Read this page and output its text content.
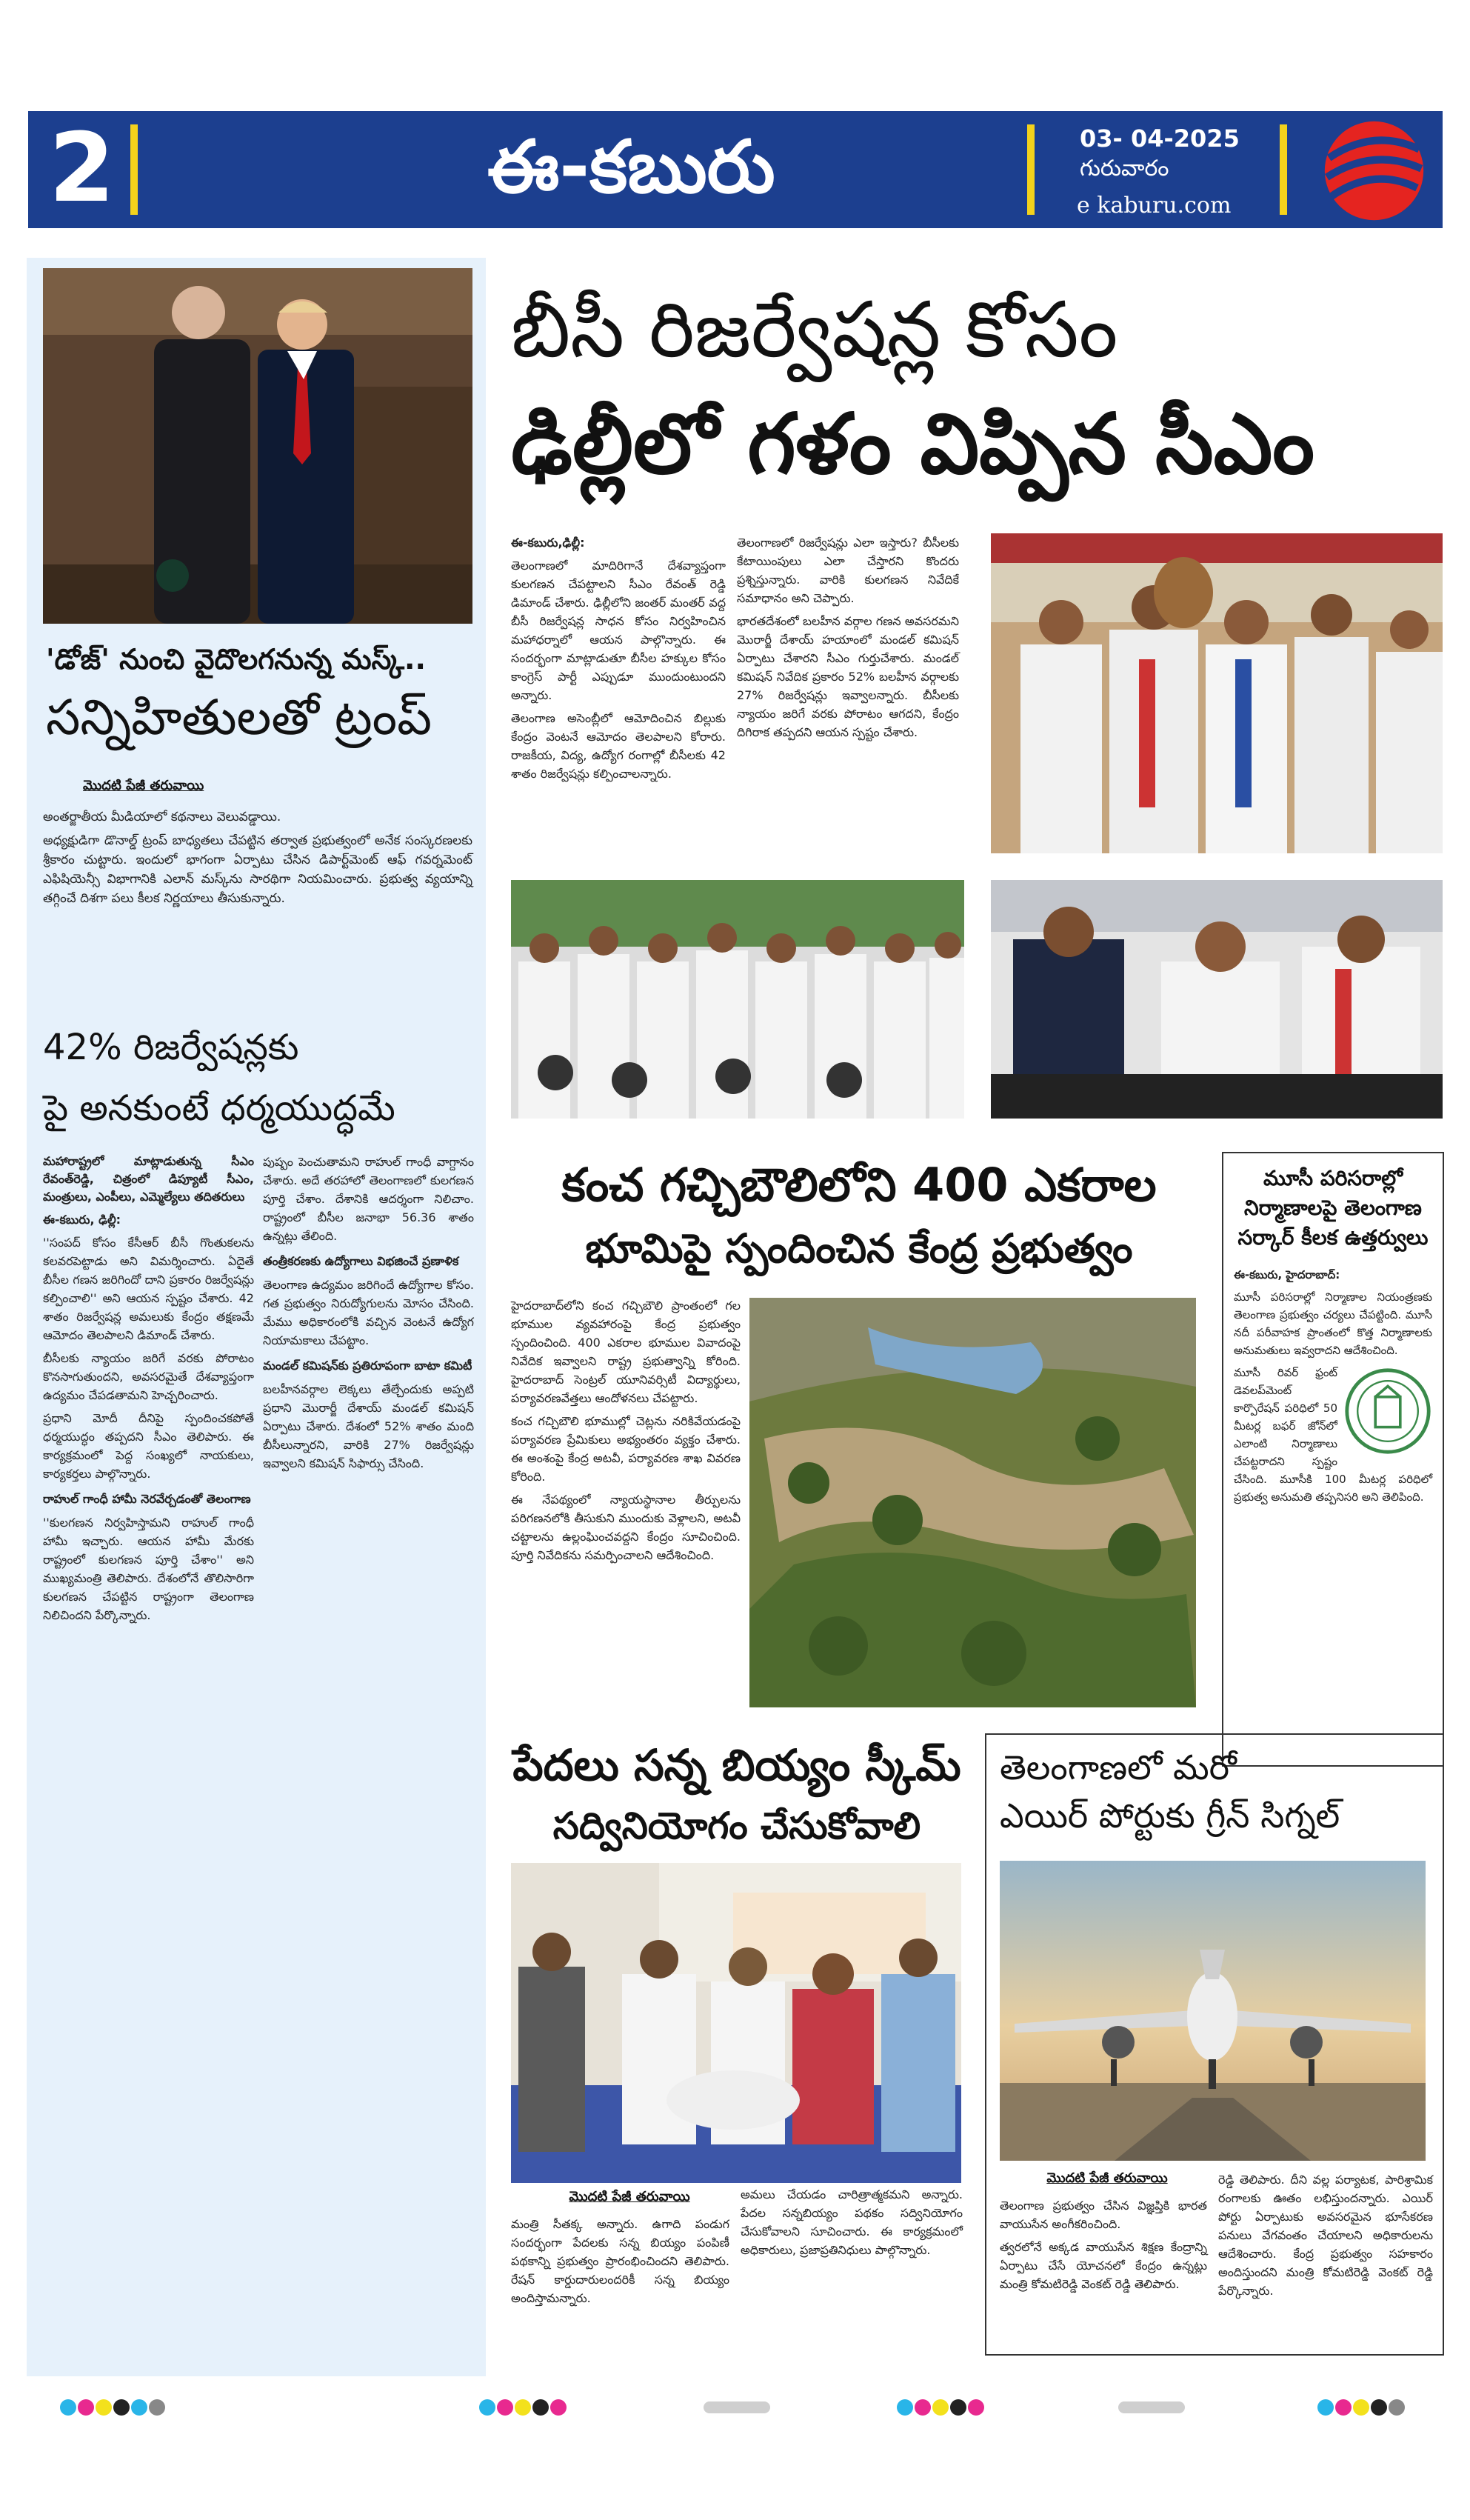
2	ఈ-కబురు	03- 04-2025
గురువారం
e kaburu.com
'డోజ్' నుంచి వైదొలగనున్న మస్క్..
సన్నిహితులతో ట్రంప్
మొదటి పేజీ తరువాయి

అంతర్జాతీయ మీడియాలో కథనాలు వెలువడ్డాయి.

అధ్యక్షుడిగా డొనాల్డ్ ట్రంప్ బాధ్యతలు చేపట్టిన తర్వాత ప్రభుత్వంలో అనేక సంస్కరణలకు శ్రీకారం చుట్టారు. ఇందులో భాగంగా ఏర్పాటు చేసిన డిపార్ట్‌మెంట్ ఆఫ్ గవర్నమెంట్ ఎఫిషియెన్సీ విభాగానికి ఎలాన్ మస్క్‌ను సారథిగా నియమించారు. ప్రభుత్వ వ్యయాన్ని తగ్గించే దిశగా పలు కీలక నిర్ణయాలు తీసుకున్నారు.

42% రిజర్వేషన్లకు
పై అనకుంటే ధర్మయుద్ధమే

మహారాష్ట్రలో మాట్లాడుతున్న సీఎం రేవంత్‌రెడ్డి, చిత్రంలో డిప్యూటీ సీఎం, మంత్రులు, ఎంపీలు, ఎమ్మెల్యేలు తదితరులు

ఈ-కబురు, ఢిల్లీ:

''సంపద్ కోసం కేసీఆర్ బీసీ గొంతుకలను కలవరపెట్టాడు అని విమర్శించారు. ఏదైతే బీసీల గణన జరిగిందో దాని ప్రకారం రిజర్వేషన్లు కల్పించాలి'' అని ఆయన స్పష్టం చేశారు. 42 శాతం రిజర్వేషన్ల అమలుకు కేంద్రం తక్షణమే ఆమోదం తెలపాలని డిమాండ్ చేశారు.

బీసీలకు న్యాయం జరిగే వరకు పోరాటం కొనసాగుతుందని, అవసరమైతే దేశవ్యాప్తంగా ఉద్యమం చేపడతామని హెచ్చరించారు.

ప్రధాని మోదీ దీనిపై స్పందించకపోతే ధర్మయుద్ధం తప్పదని సీఎం తెలిపారు. ఈ కార్యక్రమంలో పెద్ద సంఖ్యలో నాయకులు, కార్యకర్తలు పాల్గొన్నారు.

రాహుల్ గాంధీ హామీ నెరవేర్చడంతో తెలంగాణ

''కులగణన నిర్వహిస్తామని రాహుల్ గాంధీ హామీ ఇచ్చారు. ఆయన హామీ మేరకు రాష్ట్రంలో కులగణన పూర్తి చేశాం'' అని ముఖ్యమంత్రి తెలిపారు. దేశంలోనే తొలిసారిగా కులగణన చేపట్టిన రాష్ట్రంగా తెలంగాణ నిలిచిందని పేర్కొన్నారు.

పుష్పం పెంచుతామని రాహుల్ గాంధీ వాగ్దానం చేశారు. అదే తరహాలో తెలంగాణలో కులగణన పూర్తి చేశాం. దేశానికి ఆదర్శంగా నిలిచాం. రాష్ట్రంలో బీసీల జనాభా 56.36 శాతం ఉన్నట్లు తేలింది.

తంత్రీకరణకు ఉద్యోగాలు విభజించే ప్రణాళిక

తెలంగాణ ఉద్యమం జరిగిందే ఉద్యోగాల కోసం. గత ప్రభుత్వం నిరుద్యోగులను మోసం చేసింది. మేము అధికారంలోకి వచ్చిన వెంటనే ఉద్యోగ నియామకాలు చేపట్టాం.

మండల్ కమిషన్‌కు ప్రతిరూపంగా బాటా కమిటీ

బలహీనవర్గాల లెక్కలు తేల్చేందుకు అప్పటి ప్రధాని మొరార్జీ దేశాయ్ మండల్ కమిషన్ ఏర్పాటు చేశారు. దేశంలో 52% శాతం మంది బీసీలున్నారని, వారికి 27% రిజర్వేషన్లు ఇవ్వాలని కమిషన్ సిఫార్సు చేసింది.

బీసీ రిజర్వేషన్ల కోసం
ఢిల్లీలో గళం విప్పిన సీఎం

ఈ-కబురు,ఢిల్లీ:

తెలంగాణలో మాదిరిగానే దేశవ్యాప్తంగా కులగణన చేపట్టాలని సీఎం రేవంత్ రెడ్డి డిమాండ్ చేశారు. ఢిల్లీలోని జంతర్ మంతర్ వద్ద బీసీ రిజర్వేషన్ల సాధన కోసం నిర్వహించిన మహాధర్నాలో ఆయన పాల్గొన్నారు. ఈ సందర్భంగా మాట్లాడుతూ బీసీల హక్కుల కోసం కాంగ్రెస్ పార్టీ ఎప్పుడూ ముందుంటుందని అన్నారు.

తెలంగాణ అసెంబ్లీలో ఆమోదించిన బిల్లుకు కేంద్రం వెంటనే ఆమోదం తెలపాలని కోరారు. రాజకీయ, విద్య, ఉద్యోగ రంగాల్లో బీసీలకు 42 శాతం రిజర్వేషన్లు కల్పించాలన్నారు.

తెలంగాణలో రిజర్వేషన్లు ఎలా ఇస్తారు? బీసీలకు కేటాయింపులు ఎలా చేస్తారని కొందరు ప్రశ్నిస్తున్నారు. వారికి కులగణన నివేదికే సమాధానం అని చెప్పారు.

భారతదేశంలో బలహీన వర్గాల గణన అవసరమని మొరార్జీ దేశాయ్ హయాంలో మండల్ కమిషన్ ఏర్పాటు చేశారని సీఎం గుర్తుచేశారు. మండల్ కమిషన్ నివేదిక ప్రకారం 52% బలహీన వర్గాలకు 27% రిజర్వేషన్లు ఇవ్వాలన్నారు. బీసీలకు న్యాయం జరిగే వరకు పోరాటం ఆగదని, కేంద్రం దిగిరాక తప్పదని ఆయన స్పష్టం చేశారు.

కంచ గచ్చిబౌలిలోని 400 ఎకరాల
భూమిపై స్పందించిన కేంద్ర ప్రభుత్వం

హైదరాబాద్‌లోని కంచ గచ్చిబౌలి ప్రాంతంలో గల భూముల వ్యవహారంపై కేంద్ర ప్రభుత్వం స్పందించింది. 400 ఎకరాల భూముల వివాదంపై నివేదిక ఇవ్వాలని రాష్ట్ర ప్రభుత్వాన్ని కోరింది. హైదరాబాద్ సెంట్రల్ యూనివర్సిటీ విద్యార్థులు, పర్యావరణవేత్తలు ఆందోళనలు చేపట్టారు.

కంచ గచ్చిబౌలి భూముల్లో చెట్లను నరికివేయడంపై పర్యావరణ ప్రేమికులు అభ్యంతరం వ్యక్తం చేశారు. ఈ అంశంపై కేంద్ర అటవీ, పర్యావరణ శాఖ వివరణ కోరింది.

ఈ నేపథ్యంలో న్యాయస్థానాల తీర్పులను పరిగణనలోకి తీసుకుని ముందుకు వెళ్లాలని, అటవీ చట్టాలను ఉల్లంఘించవద్దని కేంద్రం సూచించింది. పూర్తి నివేదికను సమర్పించాలని ఆదేశించింది.

మూసీ పరిసరాల్లో
నిర్మాణాలపై తెలంగాణ
సర్కార్ కీలక ఉత్తర్వులు

ఈ-కబురు, హైదరాబాద్:

మూసీ పరిసరాల్లో నిర్మాణాల నియంత్రణకు తెలంగాణ ప్రభుత్వం చర్యలు చేపట్టింది. మూసీ నదీ పరీవాహక ప్రాంతంలో కొత్త నిర్మాణాలకు అనుమతులు ఇవ్వరాదని ఆదేశించింది.

మూసీ రివర్ ఫ్రంట్ డెవలప్‌మెంట్ కార్పొరేషన్ పరిధిలో 50 మీటర్ల బఫర్ జోన్‌లో ఎలాంటి నిర్మాణాలు చేపట్టరాదని స్పష్టం చేసింది. మూసీకి 100 మీటర్ల పరిధిలో ప్రభుత్వ అనుమతి తప్పనిసరి అని తెలిపింది.

పేదలు సన్న బియ్యం స్కీమ్
సద్వినియోగం చేసుకోవాలి
మొదటి పేజీ తరువాయి

మంత్రి సీతక్క అన్నారు. ఉగాది పండుగ సందర్భంగా పేదలకు సన్న బియ్యం పంపిణీ పథకాన్ని ప్రభుత్వం ప్రారంభించిందని తెలిపారు. రేషన్ కార్డుదారులందరికీ సన్న బియ్యం అందిస్తామన్నారు.

అమలు చేయడం చారిత్రాత్మకమని అన్నారు. పేదల సన్నబియ్యం పథకం సద్వినియోగం చేసుకోవాలని సూచించారు. ఈ కార్యక్రమంలో అధికారులు, ప్రజాప్రతినిధులు పాల్గొన్నారు.

తెలంగాణలో మరో
ఎయిర్ పోర్టుకు గ్రీన్ సిగ్నల్
మొదటి పేజీ తరువాయి

తెలంగాణ ప్రభుత్వం చేసిన విజ్ఞప్తికి భారత వాయుసేన అంగీకరించింది.

త్వరలోనే అక్కడ వాయుసేన శిక్షణ కేంద్రాన్ని ఏర్పాటు చేసే యోచనలో కేంద్రం ఉన్నట్లు మంత్రి కోమటిరెడ్డి వెంకట్ రెడ్డి తెలిపారు.

రెడ్డి తెలిపారు. దీని వల్ల పర్యాటక, పారిశ్రామిక రంగాలకు ఊతం లభిస్తుందన్నారు. ఎయిర్ పోర్టు ఏర్పాటుకు అవసరమైన భూసేకరణ పనులు వేగవంతం చేయాలని అధికారులను ఆదేశించారు. కేంద్ర ప్రభుత్వం సహకారం అందిస్తుందని మంత్రి కోమటిరెడ్డి వెంకట్ రెడ్డి పేర్కొన్నారు.
